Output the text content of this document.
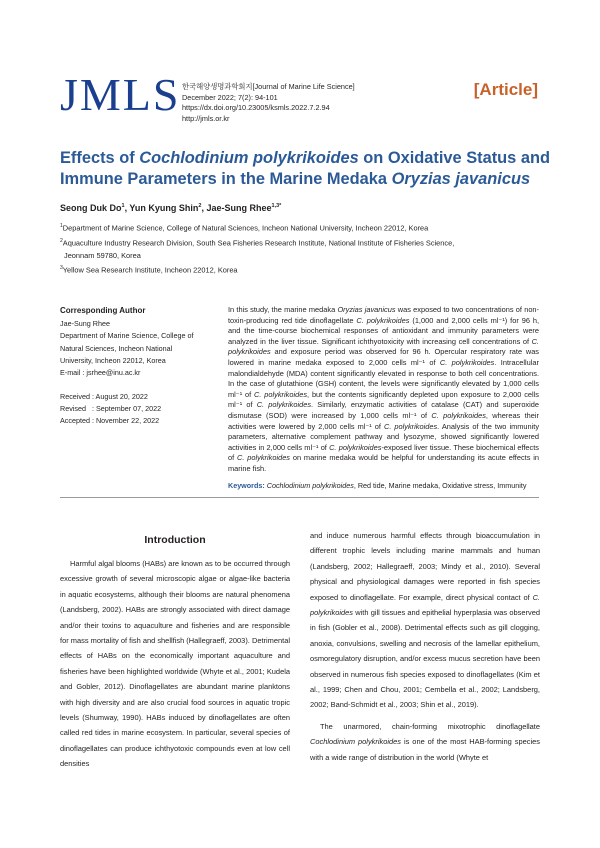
JMLS 한국해양생명과학회지[Journal of Marine Life Science]
December 2022; 7(2): 94-101
https://dx.doi.org/10.23005/ksmls.2022.7.2.94
http://jmls.or.kr
[Article]
Effects of Cochlodinium polykrikoides on Oxidative Status and Immune Parameters in the Marine Medaka Oryzias javanicus
Seong Duk Do$^1$, Yun Kyung Shin$^2$, Jae-Sung Rhee$^{1,3*}$
$^1$Department of Marine Science, College of Natural Sciences, Incheon National University, Incheon 22012, Korea
$^2$Aquaculture Industry Research Division, South Sea Fisheries Research Institute, National Institute of Fisheries Science,
Jeonnam 59780, Korea
$^3$Yellow Sea Research Institute, Incheon 22012, Korea
Corresponding Author
Jae-Sung Rhee
Department of Marine Science, College of
Natural Sciences, Incheon National
University, Incheon 22012, Korea
E-mail : jsrhee@inu.ac.kr
Received : August 20, 2022
Revised   : September 07, 2022
Accepted : November 22, 2022
In this study, the marine medaka Oryzias javanicus was exposed to two concentrations of non-toxin-producing red tide dinoflagellate C. polykrikoides (1,000 and 2,000 cells ml⁻¹) for 96 h, and the time-course biochemical responses of antioxidant and immunity parameters were analyzed in the liver tissue. Significant ichthyotoxicity with increasing cell concentrations of C. polykrikoides and exposure period was observed for 96 h. Opercular respiratory rate was lowered in marine medaka exposed to 2,000 cells ml⁻¹ of C. polykrikoides. Intracellular malondialdehyde (MDA) content significantly elevated in response to both cell concentrations. In the case of glutathione (GSH) content, the levels were significantly elevated by 1,000 cells ml⁻¹ of C. polykrikoides, but the contents significantly depleted upon exposure to 2,000 cells ml⁻¹ of C. polykrikoides. Similarly, enzymatic activities of catalase (CAT) and superoxide dismutase (SOD) were increased by 1,000 cells ml⁻¹ of C. polykrikoides, whereas their activities were lowered by 2,000 cells ml⁻¹ of C. polykrikoides. Analysis of the two immunity parameters, alternative complement pathway and lysozyme, showed significantly lowered activities in 2,000 cells ml⁻¹ of C. polykrikoides-exposed liver tissue. These biochemical effects of C. polykrikoides on marine medaka would be helpful for understanding its acute effects in marine fish.
Keywords: Cochlodinium polykrikoides, Red tide, Marine medaka, Oxidative stress, Immunity
Introduction

Harmful algal blooms (HABs) are known as to be occurred through excessive growth of several microscopic algae or algae-like bacteria in aquatic ecosystems, although their blooms are natural phenomena (Landsberg, 2002). HABs are strongly associated with direct damage and/or their toxins to aquaculture and fisheries and are responsible for mass mortality of fish and shellfish (Hallegraeff, 2003). Detrimental effects of HABs on the economically important aquaculture and fisheries have been highlighted worldwide (Whyte et al., 2001; Kudela and Gobler, 2012). Dinoflagellates are abundant marine planktons with high diversity and are also crucial food sources in aquatic tropic levels (Shumway, 1990). HABs induced by dinoflagellates are often called red tides in marine ecosystem. In particular, several species of dinoflagellates can produce ichthyotoxic compounds even at low cell densities

and induce numerous harmful effects through bioaccumulation in different trophic levels including marine mammals and human (Landsberg, 2002; Hallegraeff, 2003; Mindy et al., 2010). Several physical and physiological damages were reported in fish species exposed to dinoflagellate. For example, direct physical contact of C. polykrikoides with gill tissues and epithelial hyperplasia was observed in fish (Gobler et al., 2008). Detrimental effects such as gill clogging, anoxia, convulsions, swelling and necrosis of the lamellar epithelium, osmoregulatory disruption, and/or excess mucus secretion have been observed in numerous fish species exposed to dinoflagellates (Kim et al., 1999; Chen and Chou, 2001; Cembella et al., 2002; Landsberg, 2002; Band-Schmidt et al., 2003; Shin et al., 2019).

The unarmored, chain-forming mixotrophic dinoflagellate Cochlodinium polykrikoides is one of the most HAB-forming species with a wide range of distribution in the world (Whyte et
